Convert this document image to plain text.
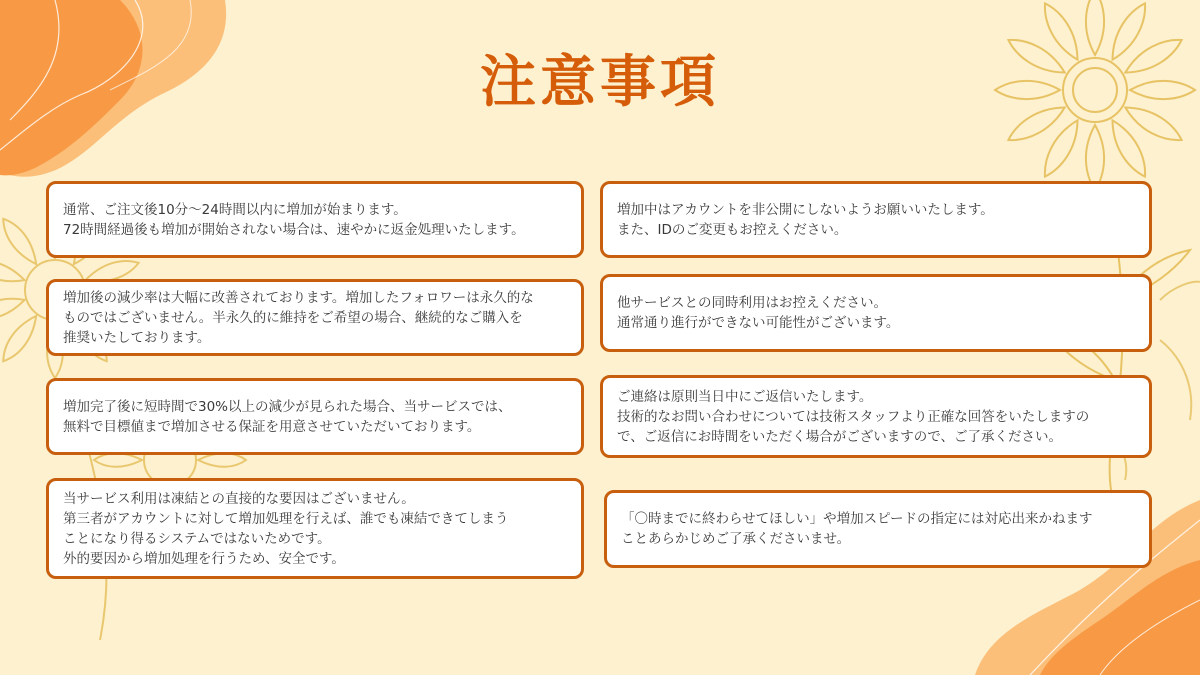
注意事項

通常、ご注文後10分〜24時間以内に増加が始まります。

72時間経過後も増加が開始されない場合は、速やかに返金処理いたします。

増加後の減少率は大幅に改善されております。増加したフォロワーは永久的な

ものではございません。半永久的に維持をご希望の場合、継続的なご購入を

推奨いたしております。

増加完了後に短時間で30%以上の減少が見られた場合、当サービスでは、

無料で目標値まで増加させる保証を用意させていただいております。

当サービス利用は凍結との直接的な要因はございません。

第三者がアカウントに対して増加処理を行えば、誰でも凍結できてしまう

ことになり得るシステムではないためです。

外的要因から増加処理を行うため、安全です。

増加中はアカウントを非公開にしないようお願いいたします。

また、IDのご変更もお控えください。

他サービスとの同時利用はお控えください。

通常通り進行ができない可能性がございます。

ご連絡は原則当日中にご返信いたします。

技術的なお問い合わせについては技術スタッフより正確な回答をいたしますの

で、ご返信にお時間をいただく場合がございますので、ご了承ください。

「〇時までに終わらせてほしい」や増加スピードの指定には対応出来かねます

ことあらかじめご了承くださいませ。
